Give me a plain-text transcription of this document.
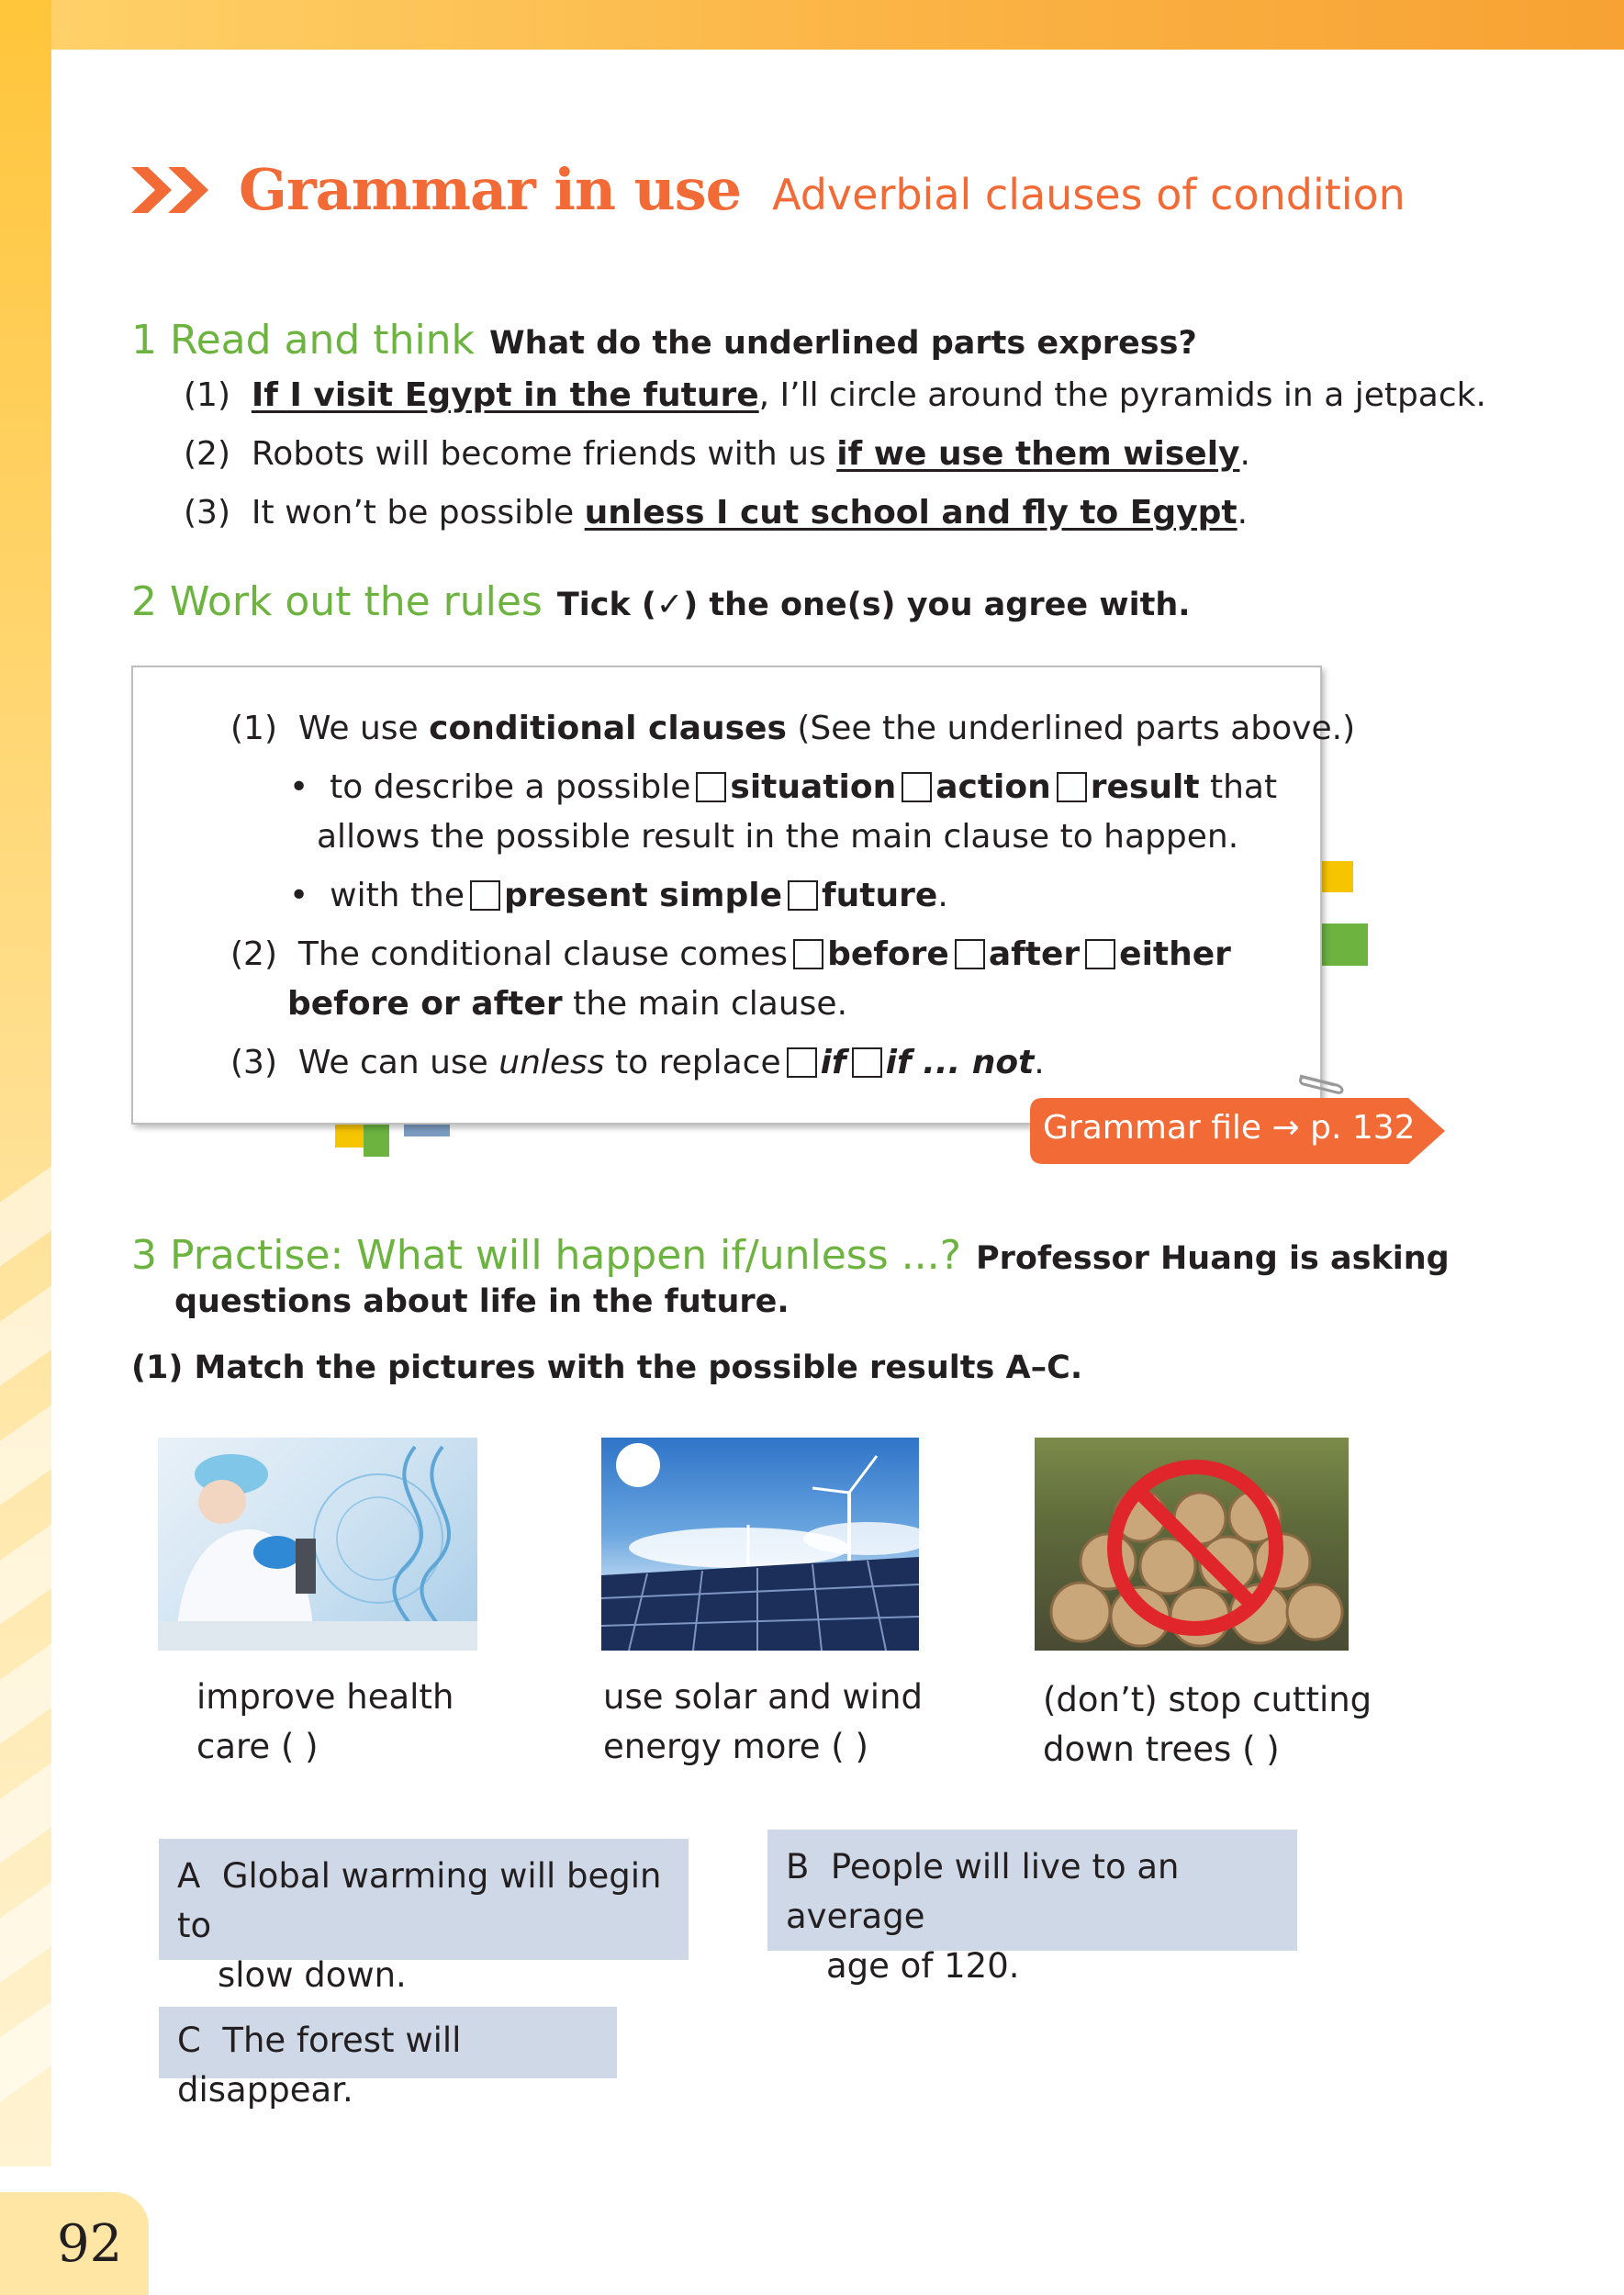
92
Grammar in use Adverbial clauses of condition
1 Read and think What do the underlined parts express?
(1) If I visit Egypt in the future, I’ll circle around the pyramids in a jetpack.
(2) Robots will become friends with us if we use them wisely.
(3) It won’t be possible unless I cut school and fly to Egypt.
2 Work out the rules Tick (✓) the one(s) you agree with.
(1) We use conditional clauses (See the underlined parts above.)
•  to describe a possible situation action result that
allows the possible result in the main clause to happen.
•  with the present simple future.
(2) The conditional clause comes before after either
before or after the main clause.
(3) We can use unless to replace if if ... not.
Grammar file → p. 132
3 Practise: What will happen if/unless ...? Professor Huang is asking
questions about life in the future.
(1) Match the pictures with the possible results A–C.
improve health
care ( )
use solar and wind
energy more ( )
(don’t) stop cutting
down trees ( )
A Global warming will begin to
slow down.
B People will live to an average
age of 120.
C The forest will disappear.
